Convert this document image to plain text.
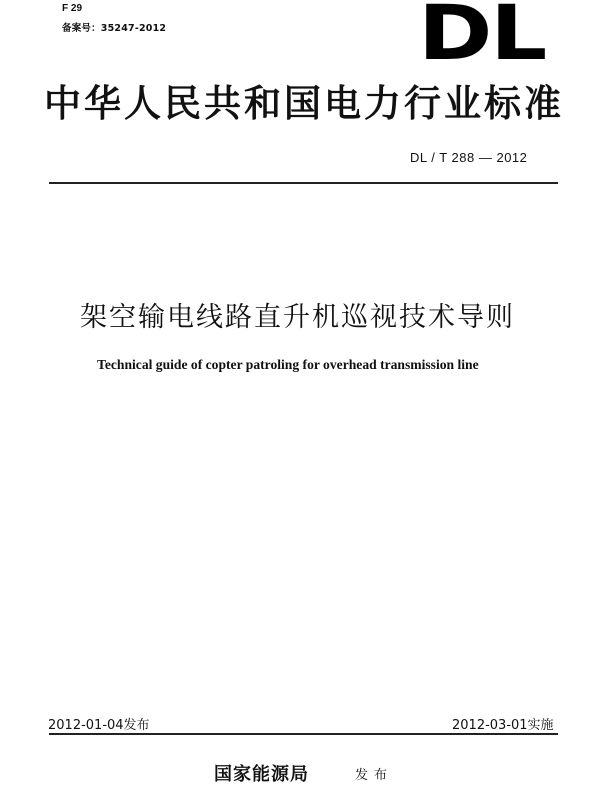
F 29
备案号：35247-2012	DL
中华人民共和国电力行业标准
DL / T 288 — 2012
架空输电线路直升机巡视技术导则
Technical guide of copter patroling for overhead transmission line
2012-01-04发布	2012-03-01实施
国家能源局	发布
